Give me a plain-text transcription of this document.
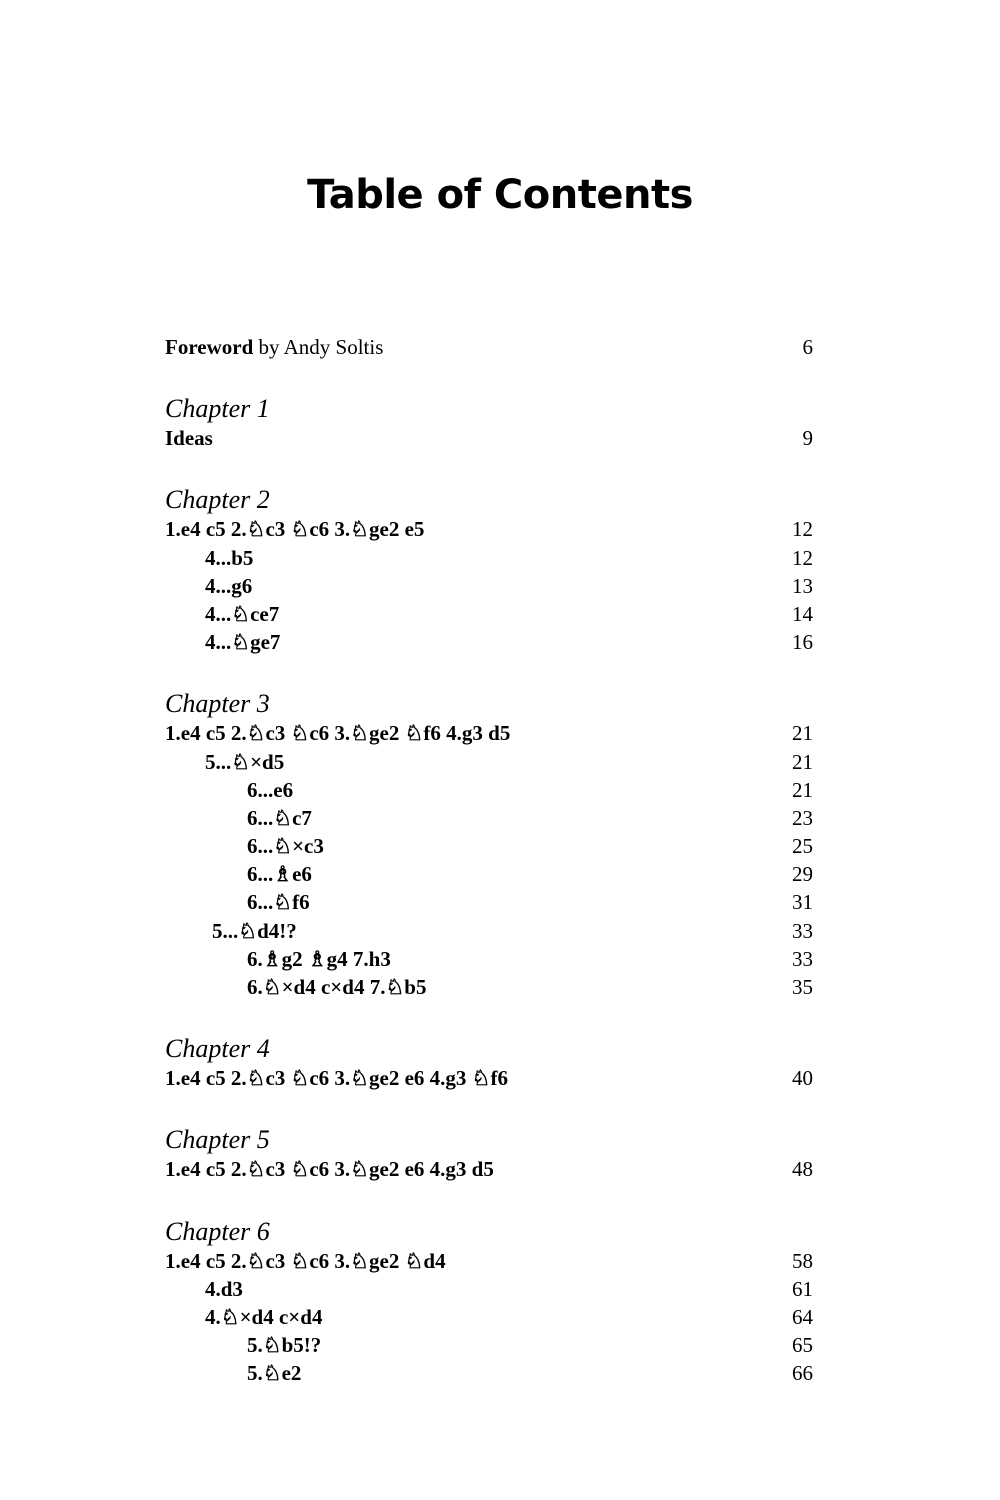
Table of Contents
Foreword by Andy Soltis	6
Chapter 1
Ideas	9
Chapter 2
1.e4 c5 2.♘c3 ♘c6 3.♘ge2 e5	12
4...b5	12
4...g6	13
4...♘ce7	14
4...♘ge7	16
Chapter 3
1.e4 c5 2.♘c3 ♘c6 3.♘ge2 ♘f6 4.g3 d5	21
5...♘×d5	21
6...e6	21
6...♘c7	23
6...♘×c3	25
6...♗e6	29
6...♘f6	31
5...♘d4!?	33
6.♗g2 ♗g4 7.h3	33
6.♘×d4 c×d4 7.♘b5	35
Chapter 4
1.e4 c5 2.♘c3 ♘c6 3.♘ge2 e6 4.g3 ♘f6	40
Chapter 5
1.e4 c5 2.♘c3 ♘c6 3.♘ge2 e6 4.g3 d5	48
Chapter 6
1.e4 c5 2.♘c3 ♘c6 3.♘ge2 ♘d4	58
4.d3	61
4.♘×d4 c×d4	64
5.♘b5!?	65
5.♘e2	66
